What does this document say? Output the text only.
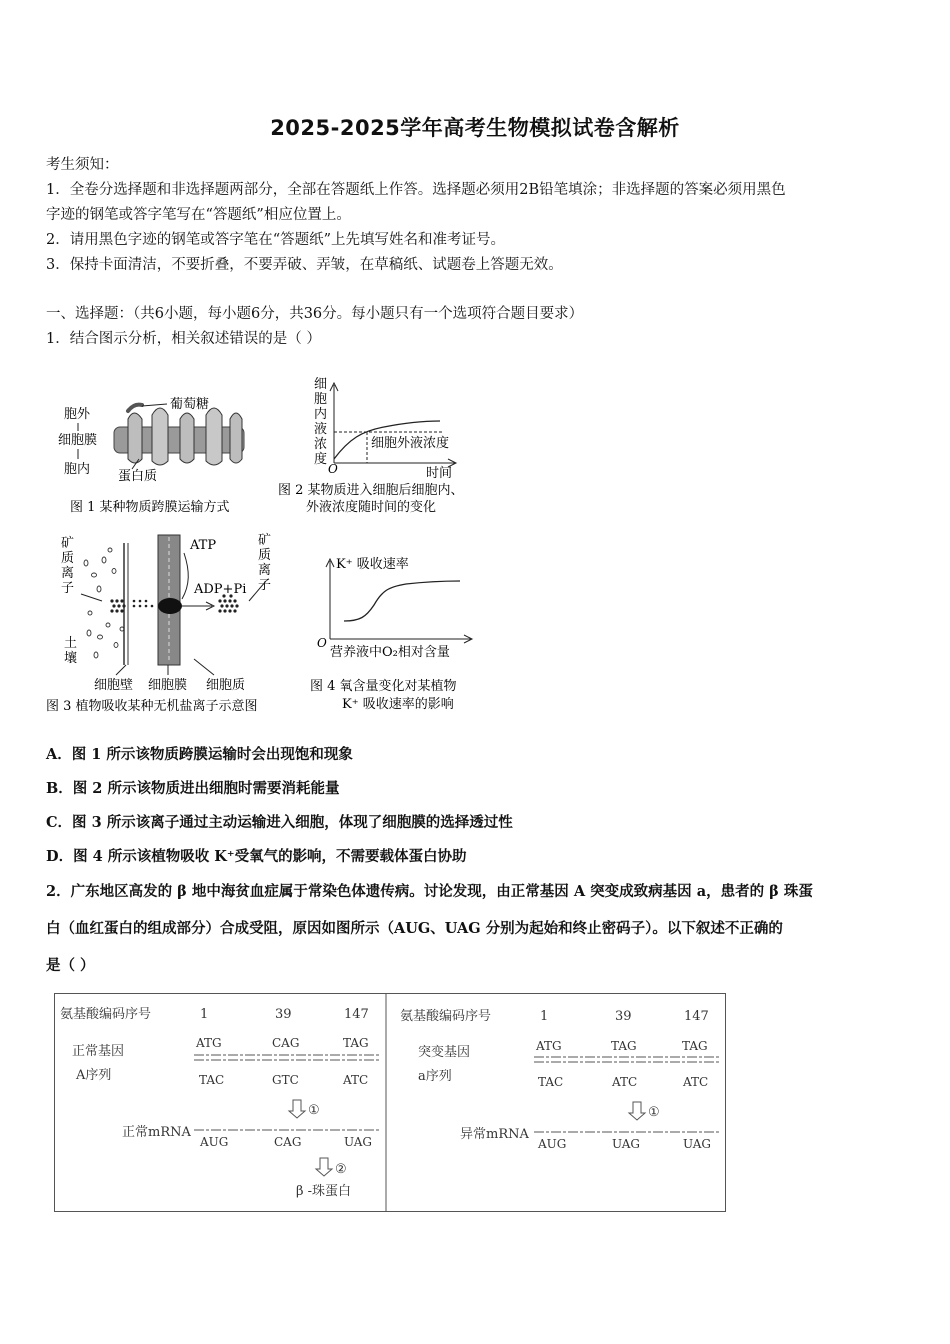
2025-2025学年高考生物模拟试卷含解析
考生须知：
1．全卷分选择题和非选择题两部分，全部在答题纸上作答。选择题必须用2B铅笔填涂；非选择题的答案必须用黑色
字迹的钢笔或答字笔写在“答题纸”相应位置上。
2．请用黑色字迹的钢笔或答字笔在“答题纸”上先填写姓名和准考证号。
3．保持卡面清洁，不要折叠，不要弄破、弄皱，在草稿纸、试题卷上答题无效。
一、选择题：（共6小题，每小题6分，共36分。每小题只有一个选项符合题目要求）
1．结合图示分析，相关叙述错误的是（ ）
胞外
细胞膜
胞内
葡萄糖
蛋白质
图 1 某种物质跨膜运输方式
细 胞 内 液 浓 度
O
细胞外液浓度
时间
图 2 某物质进入细胞后细胞内、
外液浓度随时间的变化
矿 质 离 子
土 壤
ATP
ADP+Pi
矿 质 离 子
细胞壁 细胞膜 细胞质
图 3 植物吸收某种无机盐离子示意图
K⁺ 吸收速率
O
营养液中O₂相对含量
图 4 氧含量变化对某植物
K⁺ 吸收速率的影响
A．图 1 所示该物质跨膜运输时会出现饱和现象
B．图 2 所示该物质进出细胞时需要消耗能量
C．图 3 所示该离子通过主动运输进入细胞，体现了细胞膜的选择透过性
D．图 4 所示该植物吸收 K⁺受氧气的影响，不需要载体蛋白协助
2．广东地区高发的 β 地中海贫血症属于常染色体遗传病。讨论发现，由正常基因 A 突变成致病基因 a，患者的 β 珠蛋
白（血红蛋白的组成部分）合成受阻，原因如图所示（AUG、UAG 分别为起始和终止密码子）。以下叙述不正确的
是（ ）
氨基酸编码序号	1	39	147
正常基因
A序列
ATG	CAG	TAG
TAC	GTC	ATC
①
正常mRNA
AUG	CAG	UAG
②
β -珠蛋白
氨基酸编码序号	1	39	147
突变基因
a序列
ATG	TAG	TAG
TAC	ATC	ATC
①
异常mRNA
AUG	UAG	UAG
